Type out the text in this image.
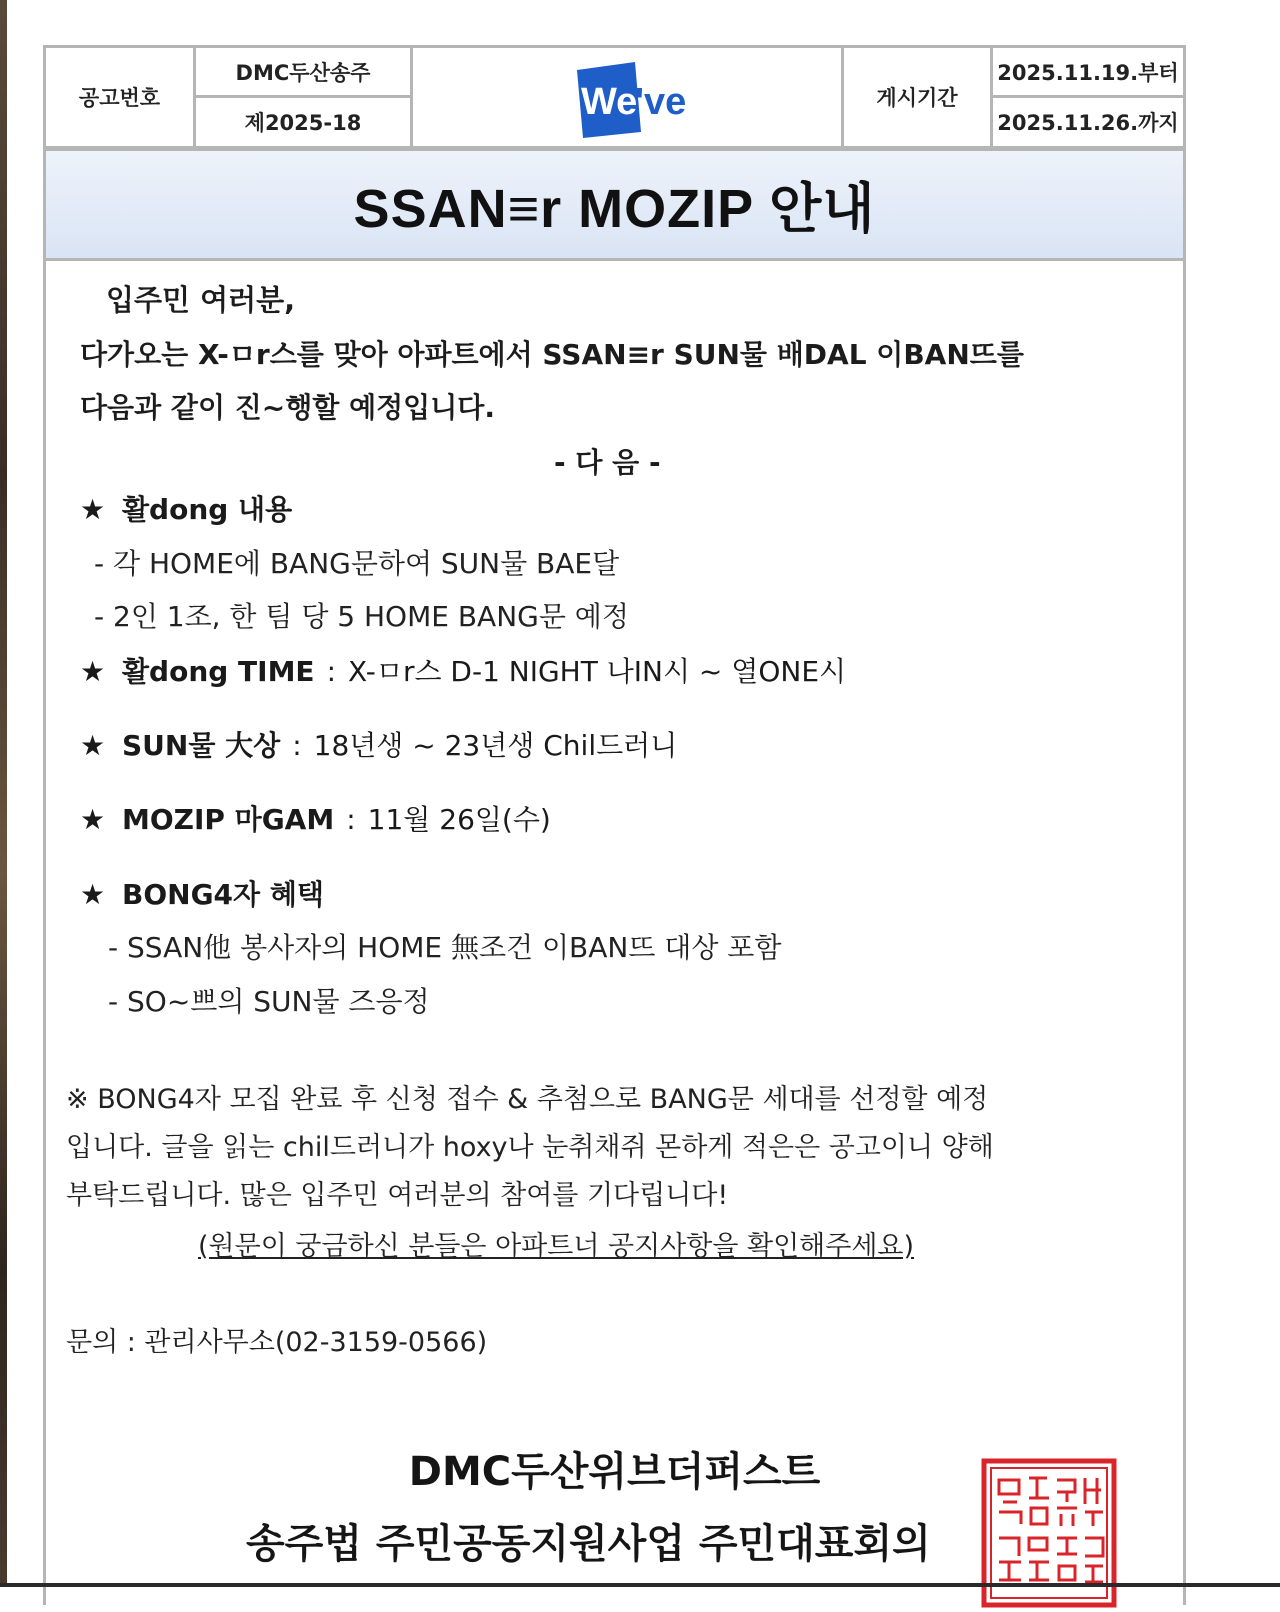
공고번호
DMC두산송주
제2025-18	We
've	게시기간
2025.11.19.부터
2025.11.26.까지
SSAN≡r MOZIP 안내
입주민 여러분,
다가오는 X-ㅁr스를 맞아 아파트에서 SSAN≡r SUN물 배DAL 이BAN뜨를
다음과 같이 진~행할 예정입니다.
- 다 음 -
★ 활dong 내용
- 각 HOME에 BANG문하여 SUN물 BAE달
- 2인 1조, 한 팀 당 5 HOME BANG문 예정
★ 활dong TIME : X-ㅁr스 D-1 NIGHT 나IN시 ~ 열ONE시
★ SUN물 大상 : 18년생 ~ 23년생 Chil드러니
★ MOZIP 마GAM : 11월 26일(수)
★ BONG4자 혜택
- SSAN他 봉사자의 HOME 無조건 이BAN뜨 대상 포함
- SO~쁘의 SUN물 즈응정
※ BONG4자 모집 완료 후 신청 접수 & 추첨으로 BANG문 세대를 선정할 예정
입니다. 글을 읽는 chil드러니가 hoxy나 눈취채쥐 몬하게 적은은 공고이니 양해
부탁드립니다. 많은 입주민 여러분의 참여를 기다립니다!
(원문이 궁금하신 분들은 아파트너 공지사항을 확인해주세요)
문의 : 관리사무소(02-3159-0566)
DMC두산위브더퍼스트
송주법 주민공동지원사업 주민대표회의
